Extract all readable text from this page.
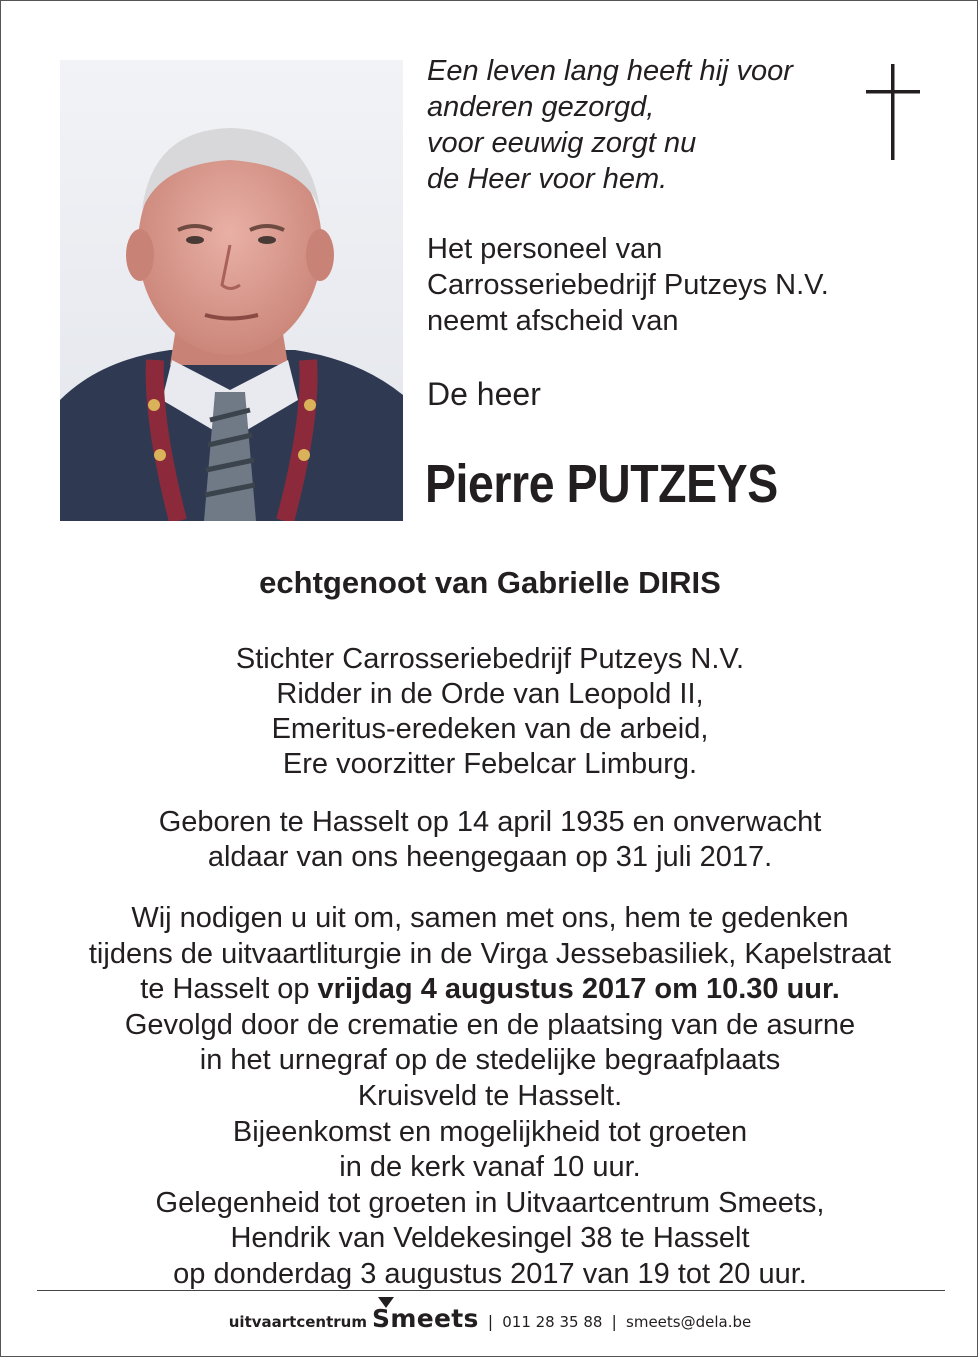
Een leven lang heeft hij voor
anderen gezorgd,
voor eeuwig zorgt nu
de Heer voor hem.
Het personeel van
Carrosseriebedrijf Putzeys N.V.
neemt afscheid van
De heer
Pierre PUTZEYS
echtgenoot van Gabrielle DIRIS
Stichter Carrosseriebedrijf Putzeys N.V.
Ridder in de Orde van Leopold II,
Emeritus-eredeken van de arbeid,
Ere voorzitter Febelcar Limburg.
Geboren te Hasselt op 14 april 1935 en onverwacht
aldaar van ons heengegaan op 31 juli 2017.
Wij nodigen u uit om, samen met ons, hem te gedenken
tijdens de uitvaartliturgie in de Virga Jessebasiliek, Kapelstraat
te Hasselt op vrijdag 4 augustus 2017 om 10.30 uur.
Gevolgd door de crematie en de plaatsing van de asurne
in het urnegraf op de stedelijke begraafplaats
Kruisveld te Hasselt.
Bijeenkomst en mogelijkheid tot groeten
in de kerk vanaf 10 uur.
Gelegenheid tot groeten in Uitvaartcentrum Smeets,
Hendrik van Veldekesingel 38 te Hasselt
op donderdag 3 augustus 2017 van 19 tot 20 uur.
uitvaartcentrum Smeets | 011 28 35 88 | smeets@dela.be
